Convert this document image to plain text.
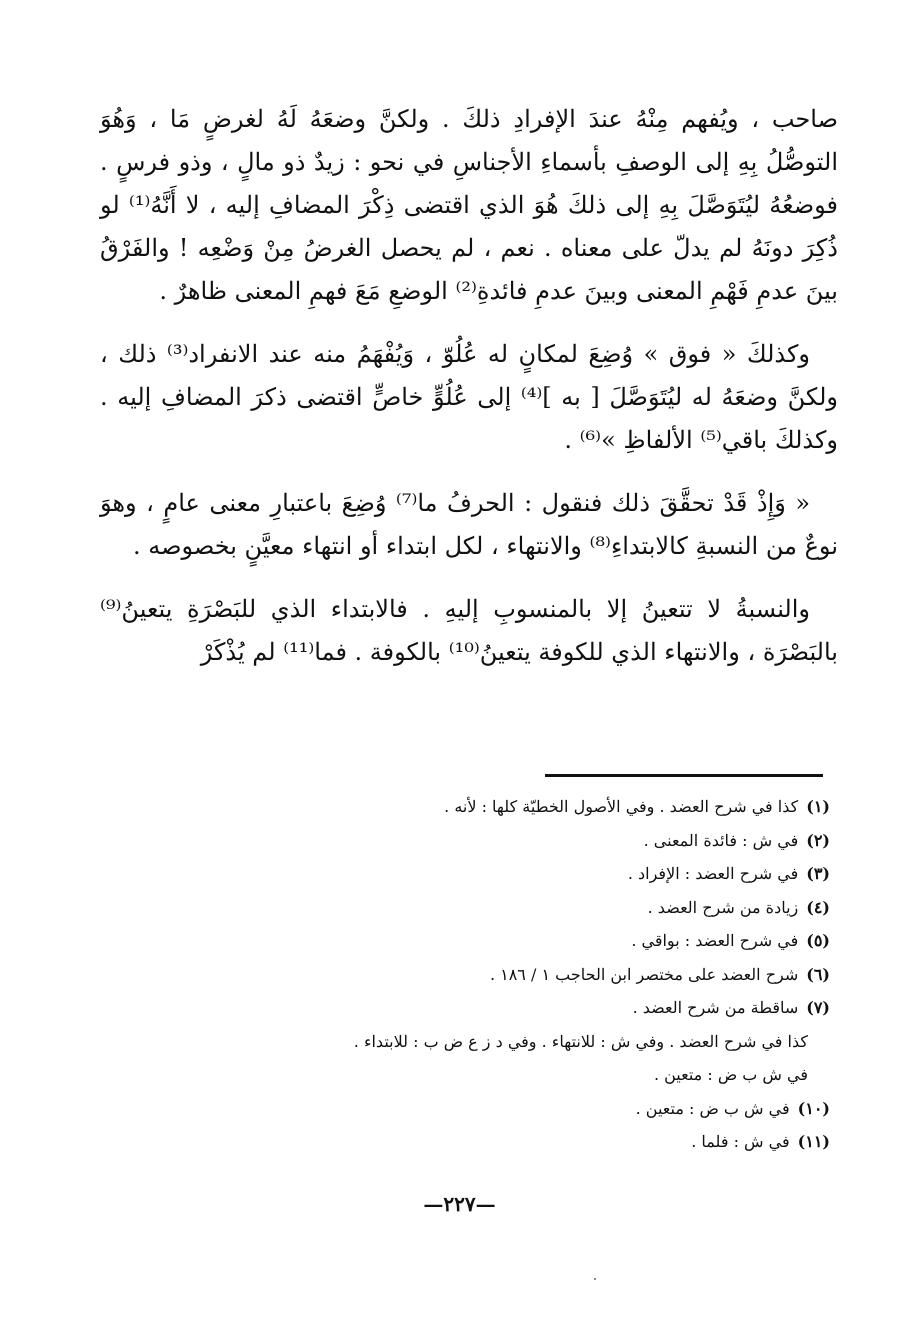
صاحب ، ويُفهم مِنْهُ عندَ الإفرادِ ذلكَ . ولكنَّ وضعَهُ لَهُ لغرضٍ مَا ، وَهُوَ التوصُّلُ بِهِ إلى الوصفِ بأسماءِ الأجناسِ في نحو : زيدٌ ذو مالٍ ، وذو فرسٍ . فوضعُهُ ليُتَوَصَّلَ بِهِ إلى ذلكَ هُوَ الذي اقتضى ذِكْرَ المضافِ إليه ، لا أَنَّهُ⁽¹⁾ لو ذُكِرَ دونَهُ لم يدلّ على معناه . نعم ، لم يحصل الغرضُ مِنْ وَضْعِه ! والفَرْقُ بينَ عدمِ فَهْمِ المعنى وبينَ عدمِ فائدةِ⁽²⁾ الوضعِ مَعَ فهمِ المعنى ظاهرٌ .

وكذلكَ « فوق » وُضِعَ لمكانٍ له عُلُوّ ، وَيُفْهَمُ منه عند الانفراد⁽³⁾ ذلك ، ولكنَّ وضعَهُ له ليُتَوَصَّلَ [ به ]⁽⁴⁾ إلى عُلُوٍّ خاصٍّ اقتضى ذكرَ المضافِ إليه . وكذلكَ باقي⁽⁵⁾ الألفاظِ »⁽⁶⁾ .

« وَإِذْ قَدْ تحقَّقَ ذلك فنقول : الحرفُ ما⁽⁷⁾ وُضِعَ باعتبارِ معنى عامٍ ، وهوَ نوعٌ من النسبةِ كالابتداءِ⁽⁸⁾ والانتهاء ، لكل ابتداء أو انتهاء معيَّنٍ بخصوصه .

والنسبةُ لا تتعينُ إلا بالمنسوبِ إليهِ . فالابتداء الذي للبَصْرَةِ يتعينُ⁽⁹⁾ بالبَصْرَة ، والانتهاء الذي للكوفة يتعينُ⁽¹⁰⁾ بالكوفة . فما⁽¹¹⁾ لم يُذْكَرْ

(١)كذا في شرح العضد . وفي الأصول الخطيّة كلها : لأنه .
(٢)في ش : فائدة المعنى .
(٣)في شرح العضد : الإفراد .
(٤)زيادة من شرح العضد .
(٥)في شرح العضد : بواقي .
(٦)شرح العضد على مختصر ابن الحاجب ١ / ١٨٦ .
(٧)ساقطة من شرح العضد .
كذا في شرح العضد . وفي ش : للانتهاء . وفي د ز ع ض ب : للابتداء .
في ش ب ض : متعين .
(١٠)في ش ب ض : متعين .
(١١)في ش : فلما .
—٢٢٧—
